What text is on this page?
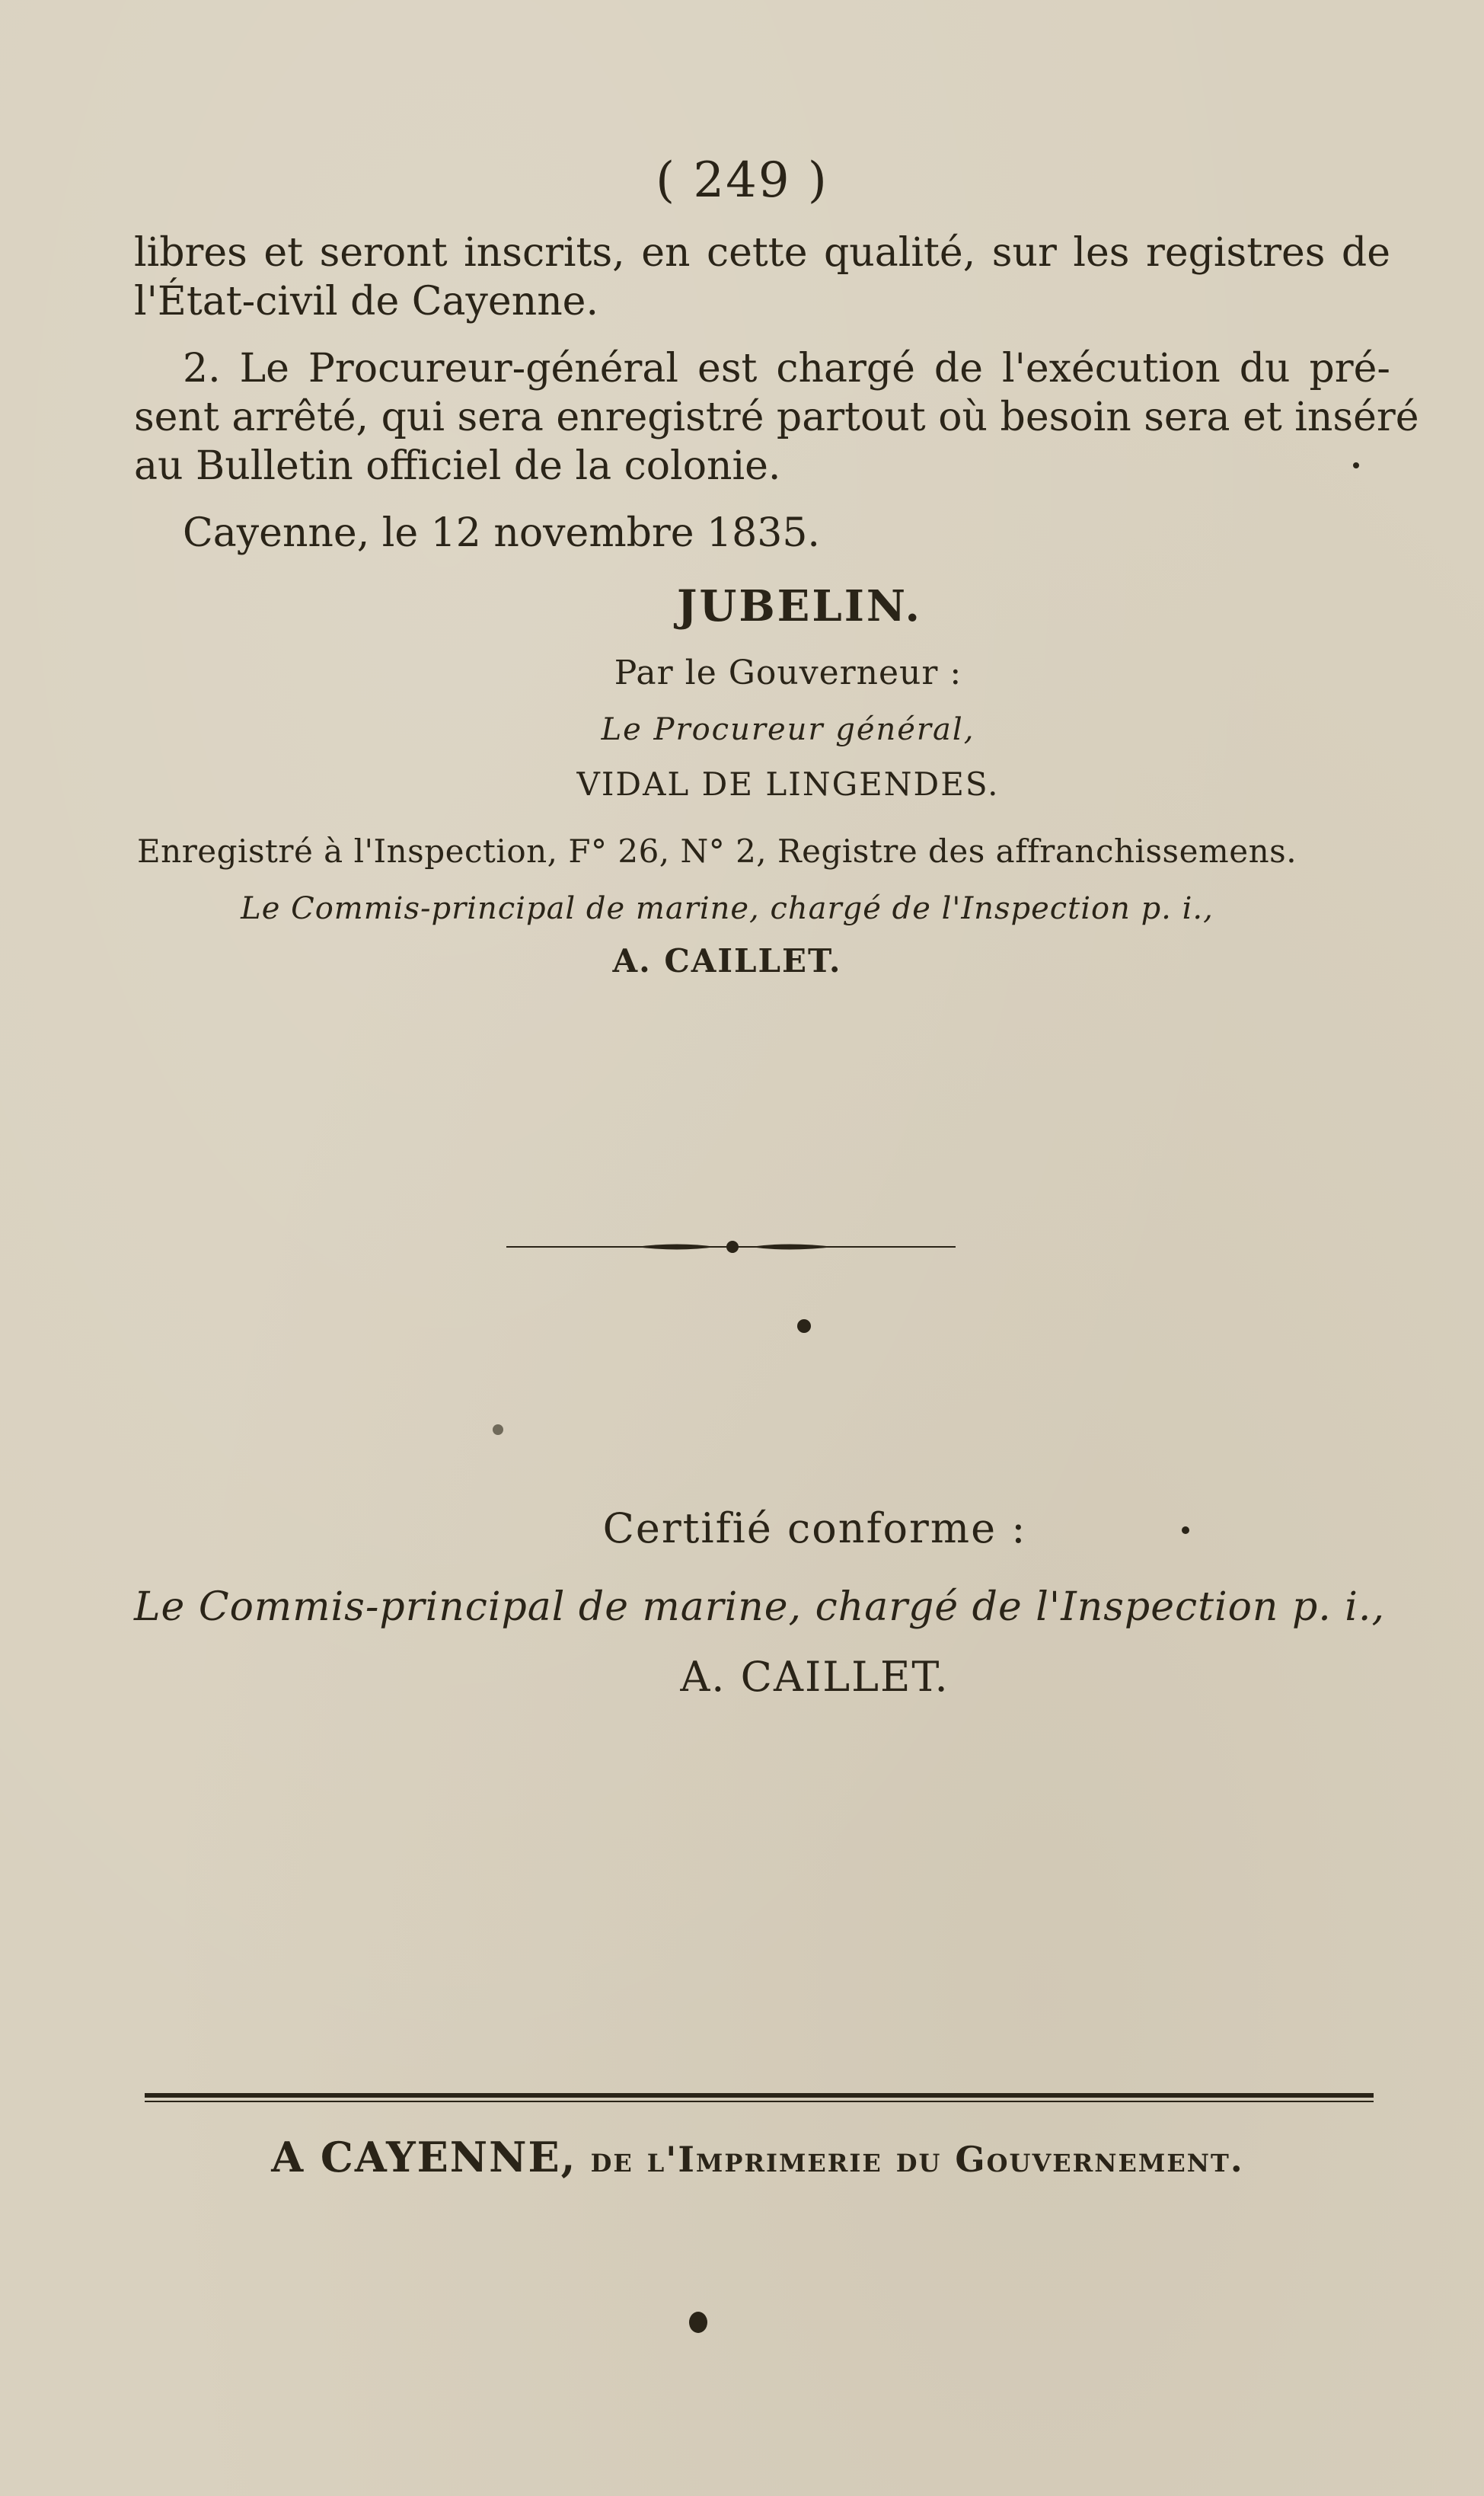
( 249 )
libres et seront inscrits, en cette qualité, sur les registres de
l'État-civil de Cayenne.
2. Le Procureur-général est chargé de l'exécution du pré-
sent arrêté, qui sera enregistré partout où besoin sera et inséré
au Bulletin officiel de la colonie.
Cayenne, le 12 novembre 1835.
JUBELIN.
Par le Gouverneur :
Le Procureur général,
VIDAL DE LINGENDES.
Enregistré à l'Inspection, F° 26, N° 2, Registre des affranchissemens.
Le Commis-principal de marine, chargé de l'Inspection p. i.,
A. CAILLET.
Certifié conforme :
Le Commis-principal de marine, chargé de l'Inspection p. i.,
A. CAILLET.
A CAYENNE, de l'Imprimerie du Gouvernement.
